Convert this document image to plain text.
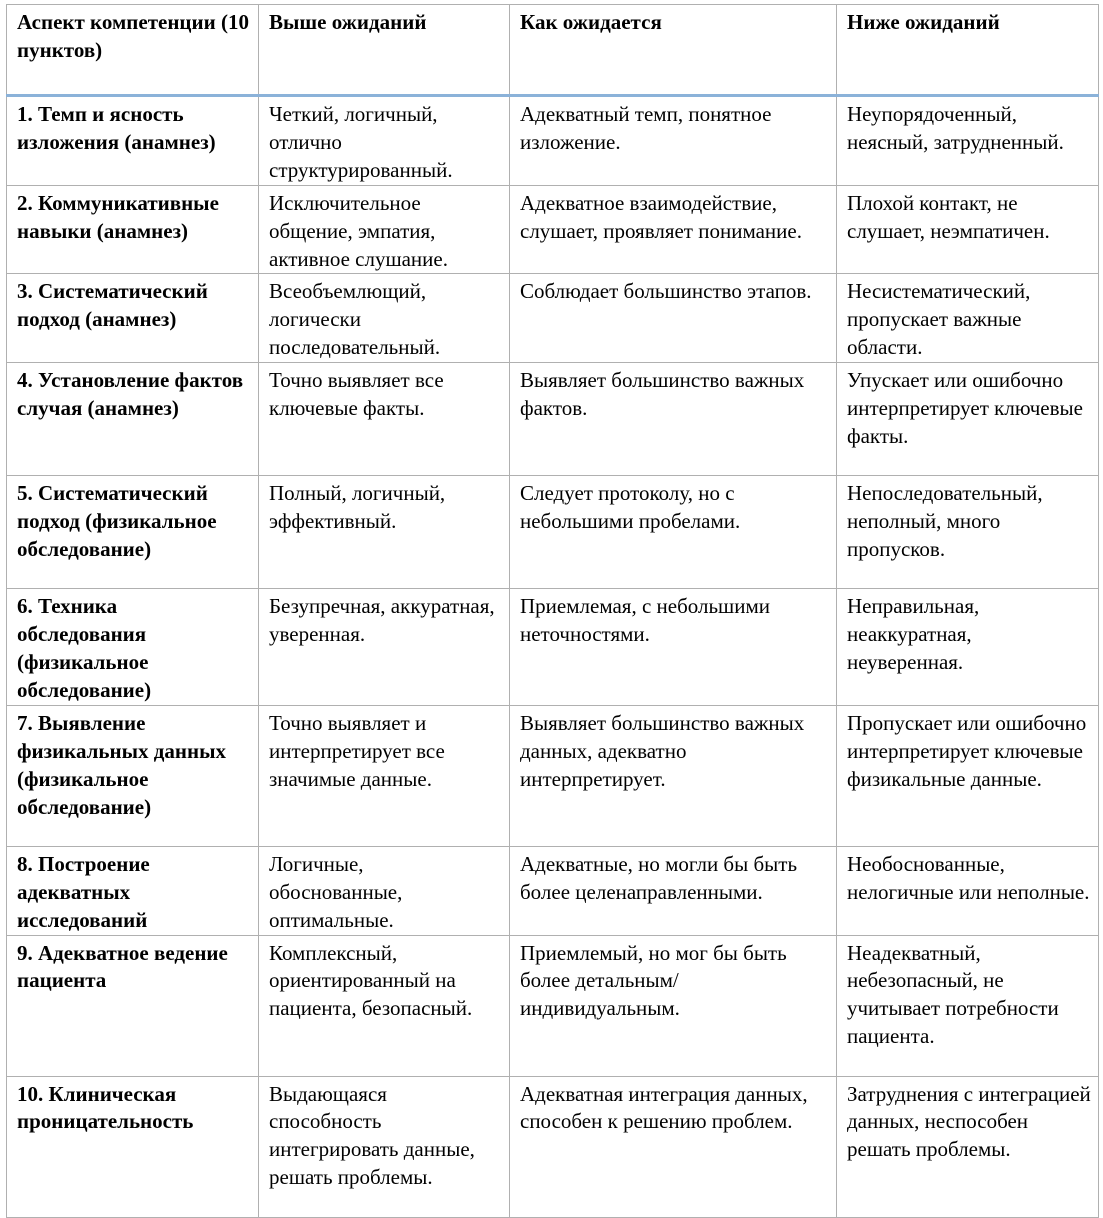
Аспект компетенции (10 пунктов)	Выше ожиданий	Как ожидается	Ниже ожиданий
1. Темп и ясность изложения (анамнез)	Четкий, логичный, отлично структурированный.	Адекватный темп, понятное изложение.	Неупорядоченный, неясный, затрудненный.
2. Коммуникативные навыки (анамнез)	Исключительное общение, эмпатия, активное слушание.	Адекватное взаимодействие, слушает, проявляет понимание.	Плохой контакт, не слушает, неэмпатичен.
3. Систематический подход (анамнез)	Всеобъемлющий, логически последовательный.	Соблюдает большинство этапов.	Несистематический, пропускает важные области.
4. Установление фактов случая (анамнез)	Точно выявляет все ключевые факты.	Выявляет большинство важных фактов.	Упускает или ошибочно интерпретирует ключевые факты.
5. Систематический подход (физикальное обследование)	Полный, логичный, эффективный.	Следует протоколу, но с небольшими пробелами.	Непоследовательный, неполный, много пропусков.
6. Техника обследования (физикальное обследование)	Безупречная, аккуратная, уверенная.	Приемлемая, с небольшими неточностями.	Неправильная, неаккуратная, неуверенная.
7. Выявление физикальных данных (физикальное обследование)	Точно выявляет и интерпретирует все значимые данные.	Выявляет большинство важных данных, адекватно интерпретирует.	Пропускает или ошибочно интерпретирует ключевые физикальные данные.
8. Построение адекватных исследований	Логичные, обоснованные, оптимальные.	Адекватные, но могли бы быть более целенаправленными.	Необоснованные, нелогичные или неполные.
9. Адекватное ведение пациента	Комплексный, ориентированный на пациента, безопасный.	Приемлемый, но мог бы быть более детальным/индивидуальным.	Неадекватный, небезопасный, не учитывает потребности пациента.
10. Клиническая проницательность	Выдающаяся способность интегрировать данные, решать проблемы.	Адекватная интеграция данных, способен к решению проблем.	Затруднения с интеграцией данных, неспособен решать проблемы.
